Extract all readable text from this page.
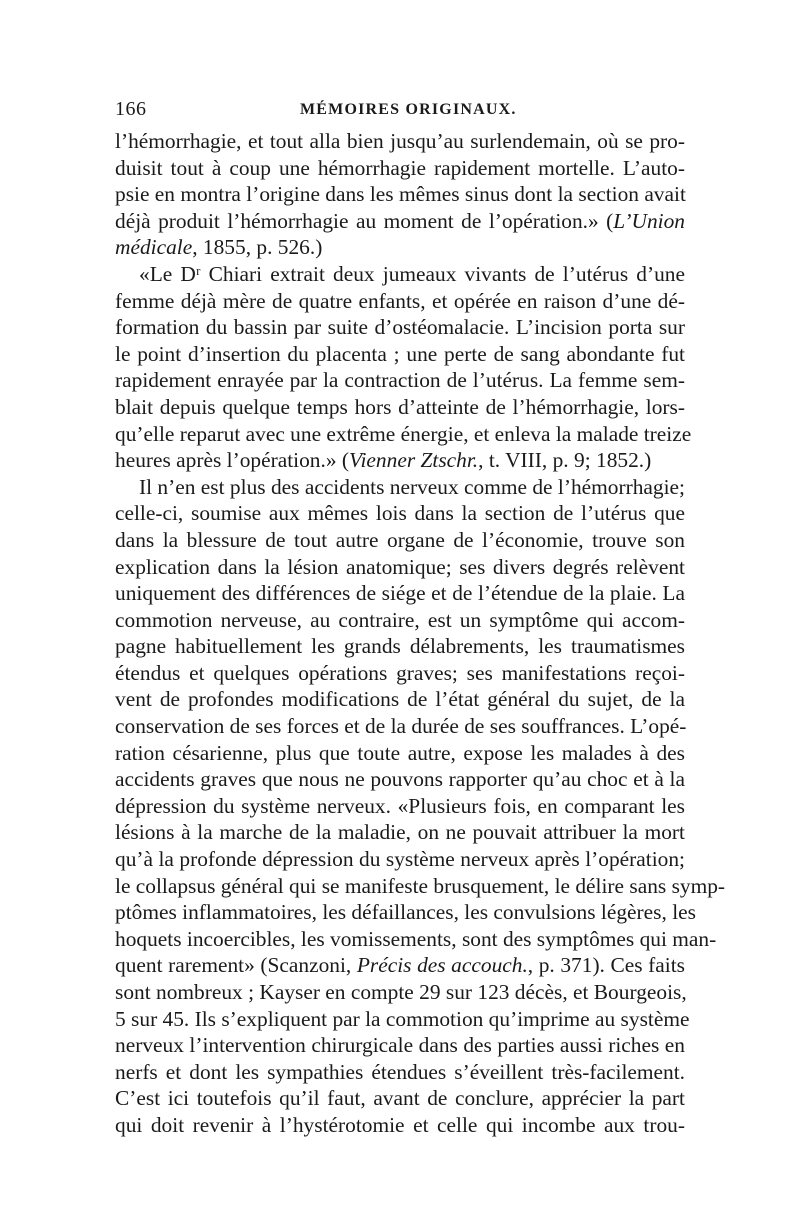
166	MÉMOIRES ORIGINAUX.
l’hémorrhagie, et tout alla bien jusqu’au surlendemain, où se pro-
duisit tout à coup une hémorrhagie rapidement mortelle. L’auto-
psie en montra l’origine dans les mêmes sinus dont la section avait
déjà produit l’hémorrhagie au moment de l’opération.» (L’Union
médicale, 1855, p. 526.)
«Le Dʳ Chiari extrait deux jumeaux vivants de l’utérus d’une
femme déjà mère de quatre enfants, et opérée en raison d’une dé-
formation du bassin par suite d’ostéomalacie. L’incision porta sur
le point d’insertion du placenta ; une perte de sang abondante fut
rapidement enrayée par la contraction de l’utérus. La femme sem-
blait depuis quelque temps hors d’atteinte de l’hémorrhagie, lors-
qu’elle reparut avec une extrême énergie, et enleva la malade treize
heures après l’opération.» (Vienner Ztschr., t. VIII, p. 9; 1852.)
Il n’en est plus des accidents nerveux comme de l’hémorrhagie;
celle-ci, soumise aux mêmes lois dans la section de l’utérus que
dans la blessure de tout autre organe de l’économie, trouve son
explication dans la lésion anatomique; ses divers degrés relèvent
uniquement des différences de siége et de l’étendue de la plaie. La
commotion nerveuse, au contraire, est un symptôme qui accom-
pagne habituellement les grands délabrements, les traumatismes
étendus et quelques opérations graves; ses manifestations reçoi-
vent de profondes modifications de l’état général du sujet, de la
conservation de ses forces et de la durée de ses souffrances. L’opé-
ration césarienne, plus que toute autre, expose les malades à des
accidents graves que nous ne pouvons rapporter qu’au choc et à la
dépression du système nerveux. «Plusieurs fois, en comparant les
lésions à la marche de la maladie, on ne pouvait attribuer la mort
qu’à la profonde dépression du système nerveux après l’opération;
le collapsus général qui se manifeste brusquement, le délire sans symp-
ptômes inflammatoires, les défaillances, les convulsions légères, les
hoquets incoercibles, les vomissements, sont des symptômes qui man-
quent rarement» (Scanzoni, Précis des accouch., p. 371). Ces faits
sont nombreux ; Kayser en compte 29 sur 123 décès, et Bourgeois,
5 sur 45. Ils s’expliquent par la commotion qu’imprime au système
nerveux l’intervention chirurgicale dans des parties aussi riches en
nerfs et dont les sympathies étendues s’éveillent très-facilement.
C’est ici toutefois qu’il faut, avant de conclure, apprécier la part
qui doit revenir à l’hystérotomie et celle qui incombe aux trou-
